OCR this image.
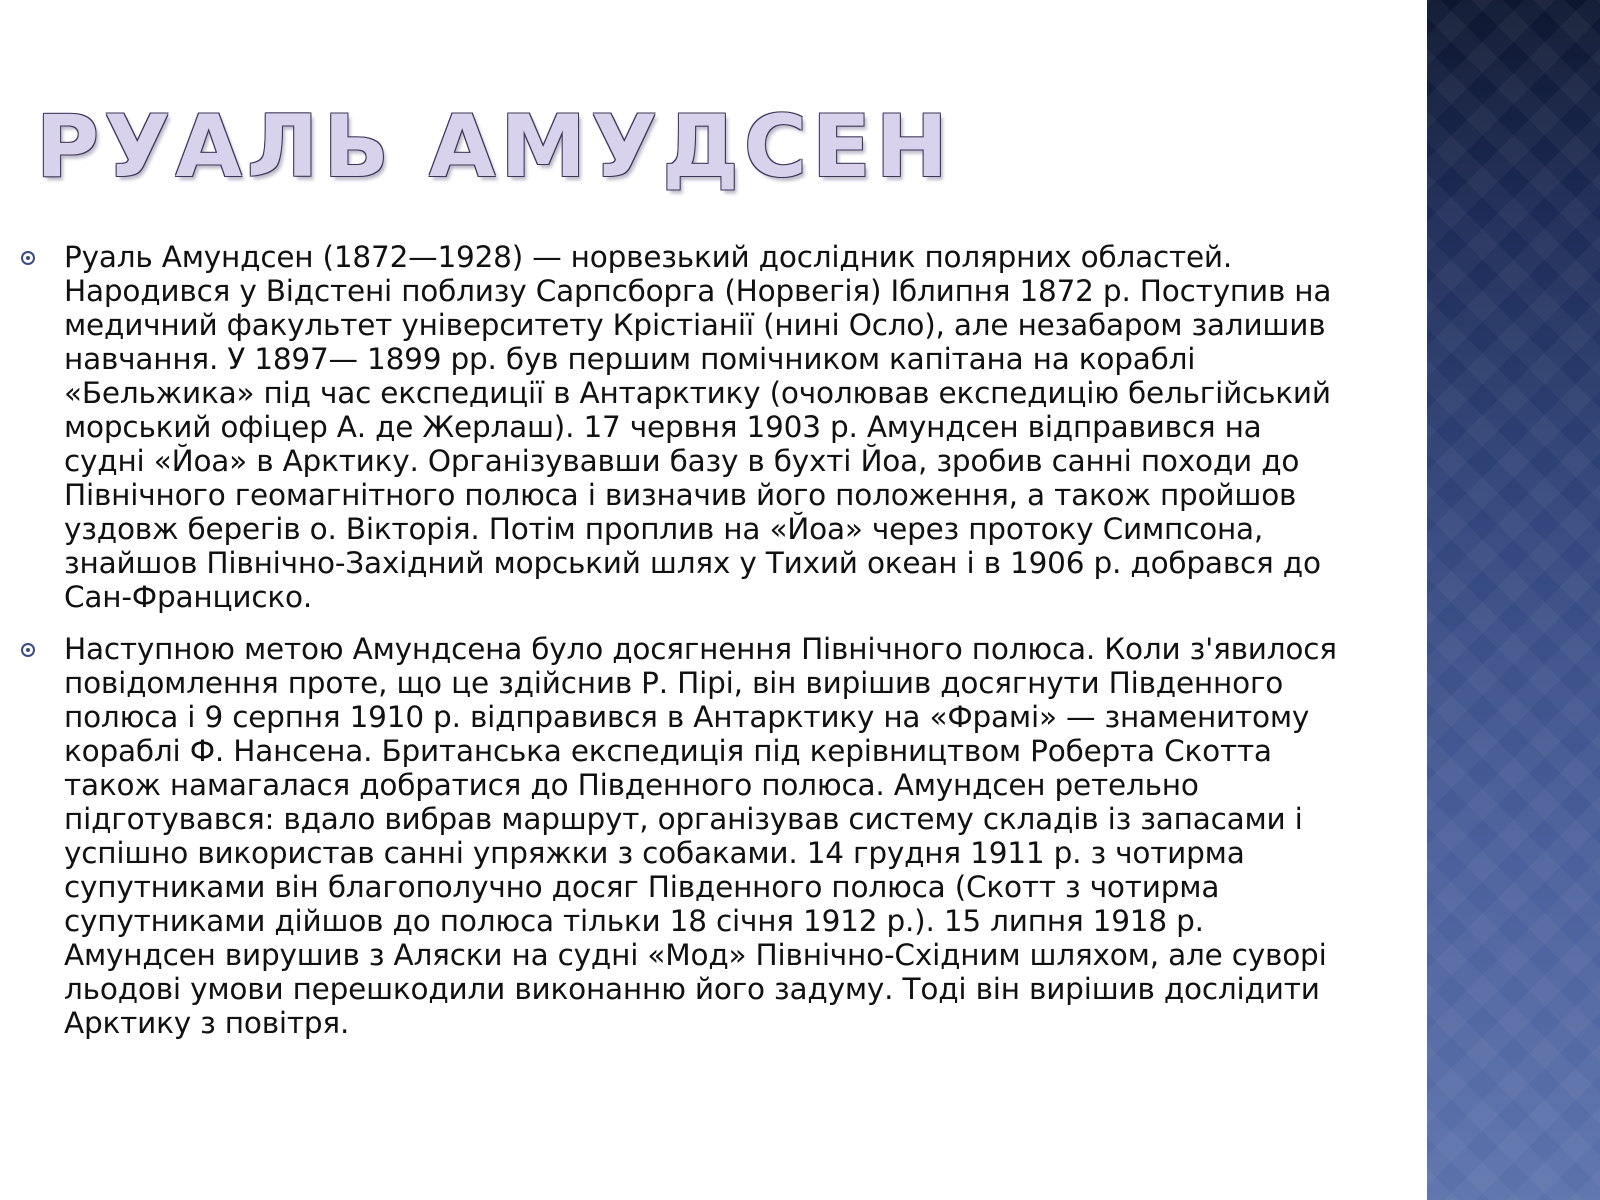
РУАЛЬ АМУДСЕН
Руаль Амундсен (1872—1928) — норвезький дослідник полярних областей. Народився у Відстені поблизу Сарпсборга (Норвегія) Іблипня 1872 р. Поступив на медичний факультет університету Крістіанії (нині Осло), але незабаром залишив навчання. У 1897— 1899 рр. був першим помічником капітана на кораблі «Бельжика» під час експедиції в Антарктику (очолював експедицію бельгійський морський офіцер А. де Жерлаш). 17 червня 1903 р. Амундсен відправився на судні «Йоа» в Арктику. Організувавши базу в бухті Йоа, зробив санні походи до Північного геомагнітного полюса і визначив його положення, а також пройшов уздовж берегів о. Вікторія. Потім проплив на «Йоа» через протоку Симпсона, знайшов Північно-Західний морський шлях у Тихий океан і в 1906 р. добрався до Сан-Франциско.
Наступною метою Амундсена було досягнення Північного полюса. Коли з'явилося повідомлення проте, що це здійснив Р. Пірі, він вирішив досягнути Південного полюса і 9 серпня 1910 р. відправився в Антарктику на «Фрамі» — знаменитому кораблі Ф. Нансена. Британська експедиція під керівництвом Роберта Скотта також намагалася добратися до Південного полюса. Амундсен ретельно підготувався: вдало вибрав маршрут, організував систему складів із запасами і успішно використав санні упряжки з собаками. 14 грудня 1911 р. з чотирма супутниками він благополучно досяг Південного полюса (Скотт з чотирма супутниками дійшов до полюса тільки 18 січня 1912 р.). 15 липня 1918 р. Амундсен вирушив з Аляски на судні «Мод» Північно-Східним шляхом, але суворі льодові умови перешкодили виконанню його задуму. Тоді він вирішив дослідити Арктику з повітря.
